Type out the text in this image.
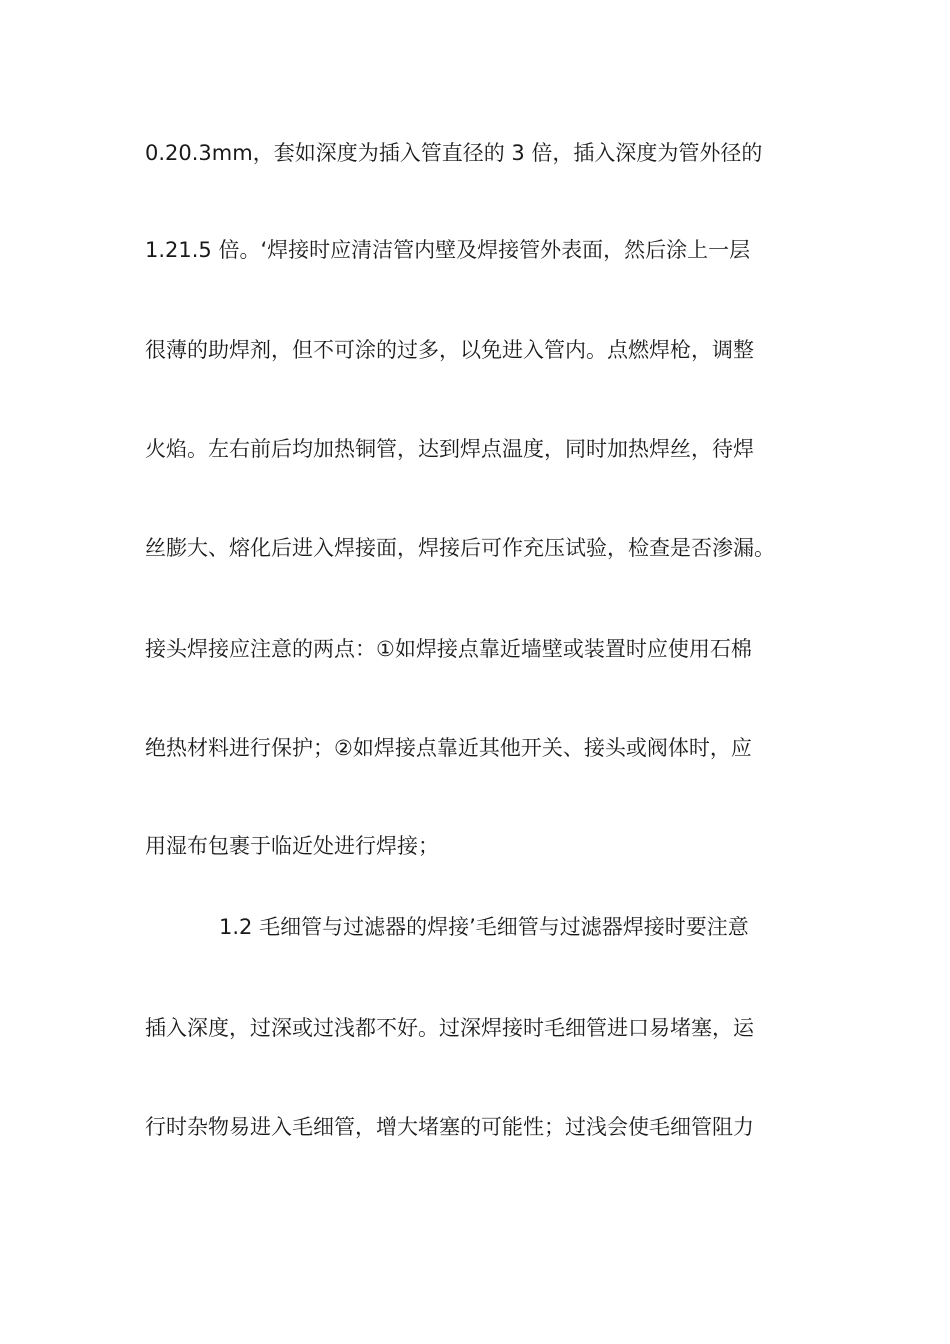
0.20.3mm，套如深度为插入管直径的 3 倍，插入深度为管外径的
1.21.5 倍。‘焊接时应清洁管内壁及焊接管外表面，然后涂上一层
很薄的助焊剂，但不可涂的过多，以免进入管内。点燃焊枪，调整
火焰。左右前后均加热铜管，达到焊点温度，同时加热焊丝，待焊
丝膨大、熔化后进入焊接面，焊接后可作充压试验，检查是否渗漏。
接头焊接应注意的两点：①如焊接点靠近墙壁或装置时应使用石棉
绝热材料进行保护；②如焊接点靠近其他开关、接头或阀体时，应
用湿布包裹于临近处进行焊接；
1.2 毛细管与过滤器的焊接’毛细管与过滤器焊接时要注意
插入深度，过深或过浅都不好。过深焊接时毛细管进口易堵塞，运
行时杂物易进入毛细管，增大堵塞的可能性；过浅会使毛细管阻力
